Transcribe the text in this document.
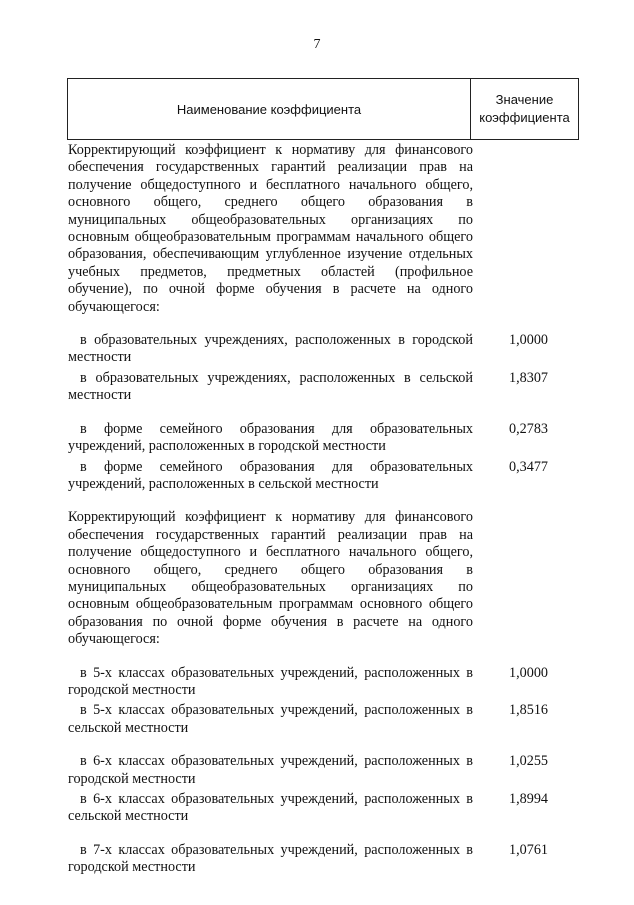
7
Наименование коэффициента
Значение
коэффициента

Корректирующий коэффициент к нормативу для финансового обеспечения государственных гарантий реализации прав на получение общедоступного и бесплатного начального общего, основного общего, среднего общего образования в муниципальных общеобразовательных организациях по основным общеобразовательным программам начального общего образования, обеспечивающим углубленное изучение отдельных учебных предметов, предметных областей (профильное обучение), по очной форме обучения в расчете на одного обучающегося:

в образовательных учреждениях, расположенных в городской местности
1,0000
в образовательных учреждениях, расположенных в сельской местности
1,8307
в форме семейного образования для образовательных учреждений, расположенных в городской местности
0,2783
в форме семейного образования для образовательных учреждений, расположенных в сельской местности
0,3477

Корректирующий коэффициент к нормативу для финансового обеспечения государственных гарантий реализации прав на получение общедоступного и бесплатного начального общего, основного общего, среднего общего образования в муниципальных общеобразовательных организациях по основным общеобразовательным программам основного общего образования по очной форме обучения в расчете на одного обучающегося:

в 5-х классах образовательных учреждений, расположенных в городской местности
1,0000
в 5-х классах образовательных учреждений, расположенных в сельской местности
1,8516
в 6-х классах образовательных учреждений, расположенных в городской местности
1,0255
в 6-х классах образовательных учреждений, расположенных в сельской местности
1,8994
в 7-х классах образовательных учреждений, расположенных в городской местности
1,0761
